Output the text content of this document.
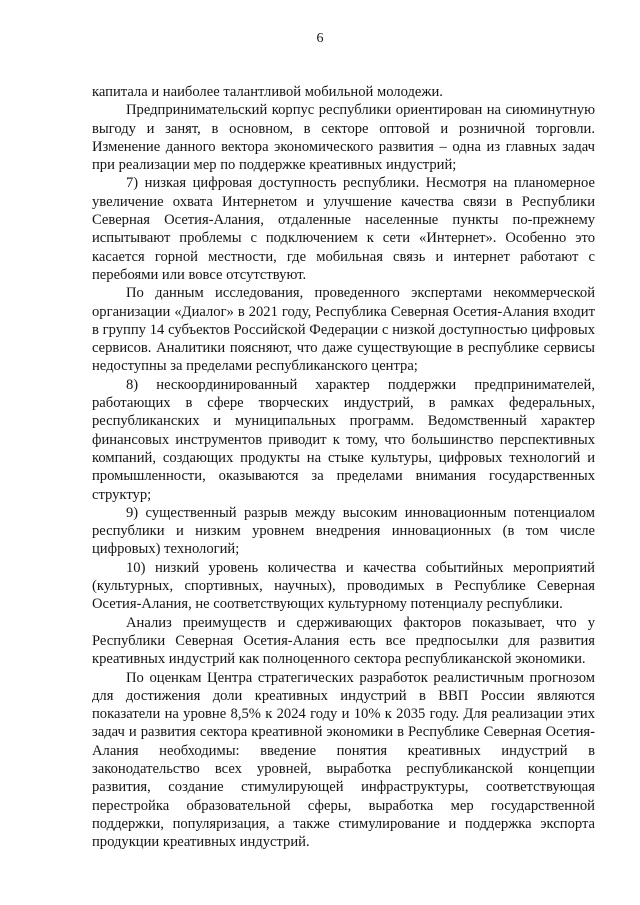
6

капитала и наиболее талантливой мобильной молодежи.

Предпринимательский корпус республики ориентирован на сиюминутную выгоду и занят, в основном, в секторе оптовой и розничной торговли. Изменение данного вектора экономического развития – одна из главных задач при реализации мер по поддержке креативных индустрий;

7) низкая цифровая доступность республики. Несмотря на планомерное увеличение охвата Интернетом и улучшение качества связи в Республики Северная Осетия-Алания, отдаленные населенные пункты по-прежнему испытывают проблемы с подключением к сети «Интернет». Особенно это касается горной местности, где мобильная связь и интернет работают с перебоями или вовсе отсутствуют.

По данным исследования, проведенного экспертами некоммерческой организации «Диалог» в 2021 году, Республика Северная Осетия-Алания входит в группу 14 субъектов Российской Федерации с низкой доступностью цифровых сервисов. Аналитики поясняют, что даже существующие в республике сервисы недоступны за пределами республиканского центра;

8) нескоординированный характер поддержки предпринимателей, работающих в сфере творческих индустрий, в рамках федеральных, республиканских и муниципальных программ. Ведомственный характер финансовых инструментов приводит к тому, что большинство перспективных компаний, создающих продукты на стыке культуры, цифровых технологий и промышленности, оказываются за пределами внимания государственных структур;

9) существенный разрыв между высоким инновационным потенциалом республики и низким уровнем внедрения инновационных (в том числе цифровых) технологий;

10) низкий уровень количества и качества событийных мероприятий (культурных, спортивных, научных), проводимых в Республике Северная Осетия-Алания, не соответствующих культурному потенциалу республики.

Анализ преимуществ и сдерживающих факторов показывает, что у Республики Северная Осетия-Алания есть все предпосылки для развития креативных индустрий как полноценного сектора республиканской экономики.

По оценкам Центра стратегических разработок реалистичным прогнозом для достижения доли креативных индустрий в ВВП России являются показатели на уровне 8,5% к 2024 году и 10% к 2035 году. Для реализации этих задач и развития сектора креативной экономики в Республике Северная Осетия-Алания необходимы: введение понятия креативных индустрий в законодательство всех уровней, выработка республиканской концепции развития, создание стимулирующей инфраструктуры, соответствующая перестройка образовательной сферы, выработка мер государственной поддержки, популяризация, а также стимулирование и поддержка экспорта продукции креативных индустрий.
